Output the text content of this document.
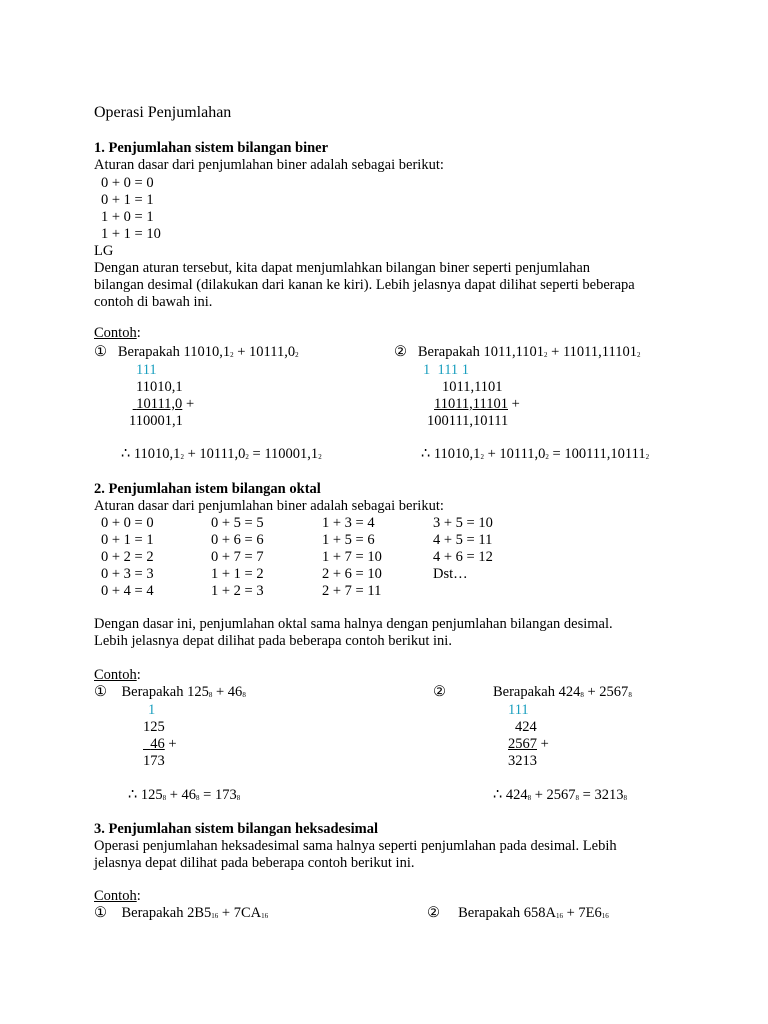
Operasi Penjumlahan
1. Penjumlahan sistem bilangan biner
Aturan dasar dari penjumlahan biner adalah sebagai berikut:
0 + 0 = 0
0 + 1 = 1
1 + 0 = 1
1 + 1 = 10
LG
Dengan aturan tersebut, kita dapat menjumlahkan bilangan biner seperti penjumlahan
bilangan desimal (dilakukan dari kanan ke kiri). Lebih jelasnya dapat dilihat seperti beberapa
contoh di bawah ini.
Contoh:
① Berapakah $11010,1_2 + 10111,0_2$
111
11010,1
10111,0 +
110001,1
∴ $11010,1_2 + 10111,0_2 = 110001,1_2$
② Berapakah $1011,1101_2 + 11011,11101_2$
1  111 1
1011,1101
11011,11101 +
100111,10111
∴ $11010,1_2 + 10111,0_2 = 100111,10111_2$
2. Penjumlahan istem bilangan oktal
Aturan dasar dari penjumlahan biner adalah sebagai berikut:
0 + 0 = 0
0 + 1 = 1
0 + 2 = 2
0 + 3 = 3
0 + 4 = 4
0 + 5 = 5
0 + 6 = 6
0 + 7 = 7
1 + 1 = 2
1 + 2 = 3
1 + 3 = 4
1 + 5 = 6
1 + 7 = 10
2 + 6 = 10
2 + 7 = 11
3 + 5 = 10
4 + 5 = 11
4 + 6 = 12
Dst…
Dengan dasar ini, penjumlahan oktal sama halnya dengan penjumlahan bilangan desimal.
Lebih jelasnya depat dilihat pada beberapa contoh berikut ini.
Contoh:
① Berapakah $125_8 + 46_8$
1
125
46 +
173
∴ $125_8 + 46_8 = 173_8$
②	Berapakah $424_8 + 2567_8$
111
424
2567 +
3213
∴ $424_8 + 2567_8 = 3213_8$
3. Penjumlahan sistem bilangan heksadesimal
Operasi penjumlahan heksadesimal sama halnya seperti penjumlahan pada desimal. Lebih
jelasnya depat dilihat pada beberapa contoh berikut ini.
Contoh:
① Berapakah $2B5_{16} + 7CA_{16}$	② Berapakah $658A_{16} + 7E6_{16}$
